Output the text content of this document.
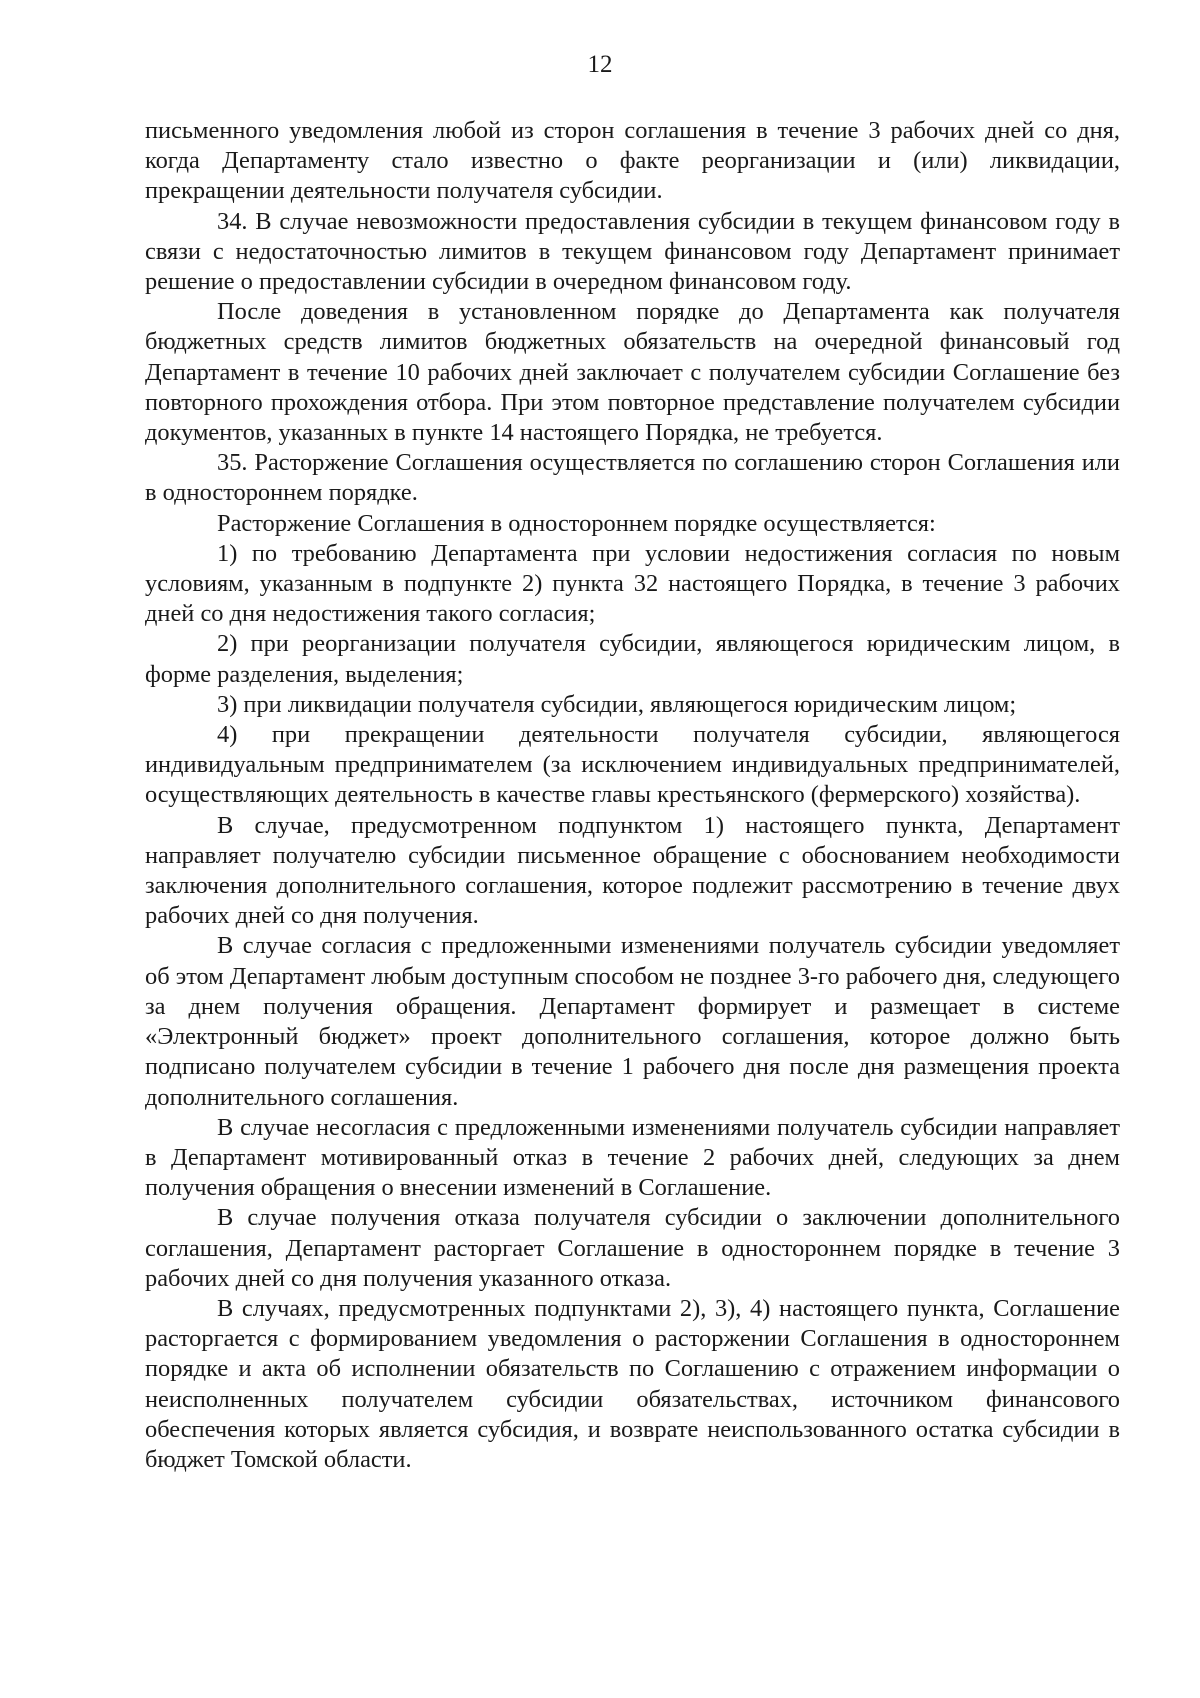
12

письменного уведомления любой из сторон соглашения в течение 3 рабочих дней со дня, когда Департаменту стало известно о факте реорганизации и (или) ликвидации, прекращении деятельности получателя субсидии.

34. В случае невозможности предоставления субсидии в текущем финансовом году в связи с недостаточностью лимитов в текущем финансовом году Департамент принимает решение о предоставлении субсидии в очередном финансовом году.

После доведения в установленном порядке до Департамента как получателя бюджетных средств лимитов бюджетных обязательств на очередной финансовый год Департамент в течение 10 рабочих дней заключает с получателем субсидии Соглашение без повторного прохождения отбора. При этом повторное представление получателем субсидии документов, указанных в пункте 14 настоящего Порядка, не требуется.

35. Расторжение Соглашения осуществляется по соглашению сторон Соглашения или в одностороннем порядке.

Расторжение Соглашения в одностороннем порядке осуществляется:

1) по требованию Департамента при условии недостижения согласия по новым условиям, указанным в подпункте 2) пункта 32 настоящего Порядка, в течение 3 рабочих дней со дня недостижения такого согласия;

2) при реорганизации получателя субсидии, являющегося юридическим лицом, в форме разделения, выделения;

3) при ликвидации получателя субсидии, являющегося юридическим лицом;

4) при прекращении деятельности получателя субсидии, являющегося индивидуальным предпринимателем (за исключением индивидуальных предпринимателей, осуществляющих деятельность в качестве главы крестьянского (фермерского) хозяйства).

В случае, предусмотренном подпунктом 1) настоящего пункта, Департамент направляет получателю субсидии письменное обращение с обоснованием необходимости заключения дополнительного соглашения, которое подлежит рассмотрению в течение двух рабочих дней со дня получения.

В случае согласия с предложенными изменениями получатель субсидии уведомляет об этом Департамент любым доступным способом не позднее 3-го рабочего дня, следующего за днем получения обращения. Департамент формирует и размещает в системе «Электронный бюджет» проект дополнительного соглашения, которое должно быть подписано получателем субсидии в течение 1 рабочего дня после дня размещения проекта дополнительного соглашения.

В случае несогласия с предложенными изменениями получатель субсидии направляет в Департамент мотивированный отказ в течение 2 рабочих дней, следующих за днем получения обращения о внесении изменений в Соглашение.

В случае получения отказа получателя субсидии о заключении дополнительного соглашения, Департамент расторгает Соглашение в одностороннем порядке в течение 3 рабочих дней со дня получения указанного отказа.

В случаях, предусмотренных подпунктами 2), 3), 4) настоящего пункта, Соглашение расторгается с формированием уведомления о расторжении Соглашения в одностороннем порядке и акта об исполнении обязательств по Соглашению с отражением информации о неисполненных получателем субсидии обязательствах, источником финансового обеспечения которых является субсидия, и возврате неиспользованного остатка субсидии в бюджет Томской области.
